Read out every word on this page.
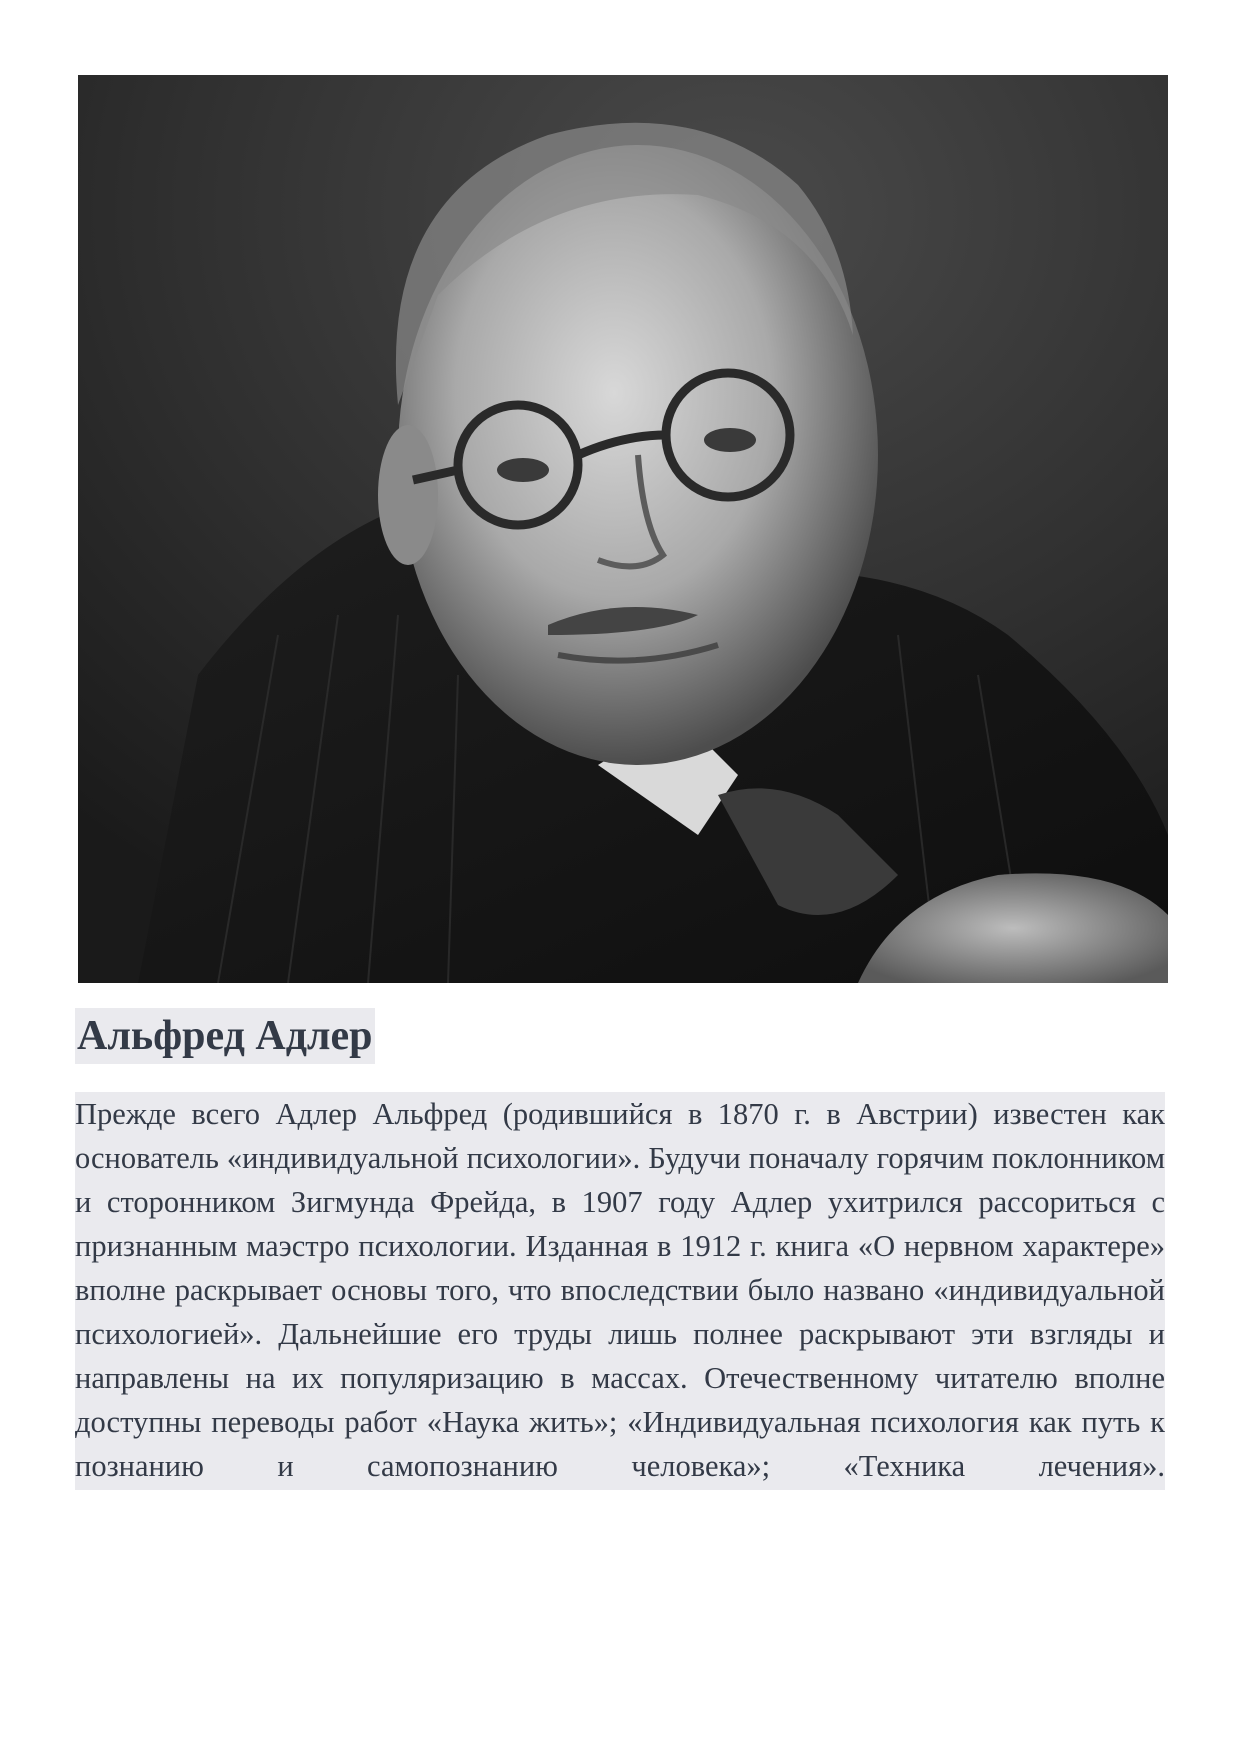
Альфред Адлер

Прежде всего Адлер Альфред (родившийся в 1870 г. в Австрии) известен как основатель «индивидуальной психологии». Будучи поначалу горячим поклонником и сторонником Зигмунда Фрейда, в 1907 году Адлер ухитрился рассориться с признанным маэстро психологии. Изданная в 1912 г. книга «О нервном характере» вполне раскрывает основы того, что впоследствии было названо «индивидуальной психологией». Дальнейшие его труды лишь полнее раскрывают эти взгляды и направлены на их популяризацию в массах. Отечественному читателю вполне доступны переводы работ «Наука жить»; «Индивидуальная психология как путь к познанию и самопознанию человека»; «Техника лечения».
